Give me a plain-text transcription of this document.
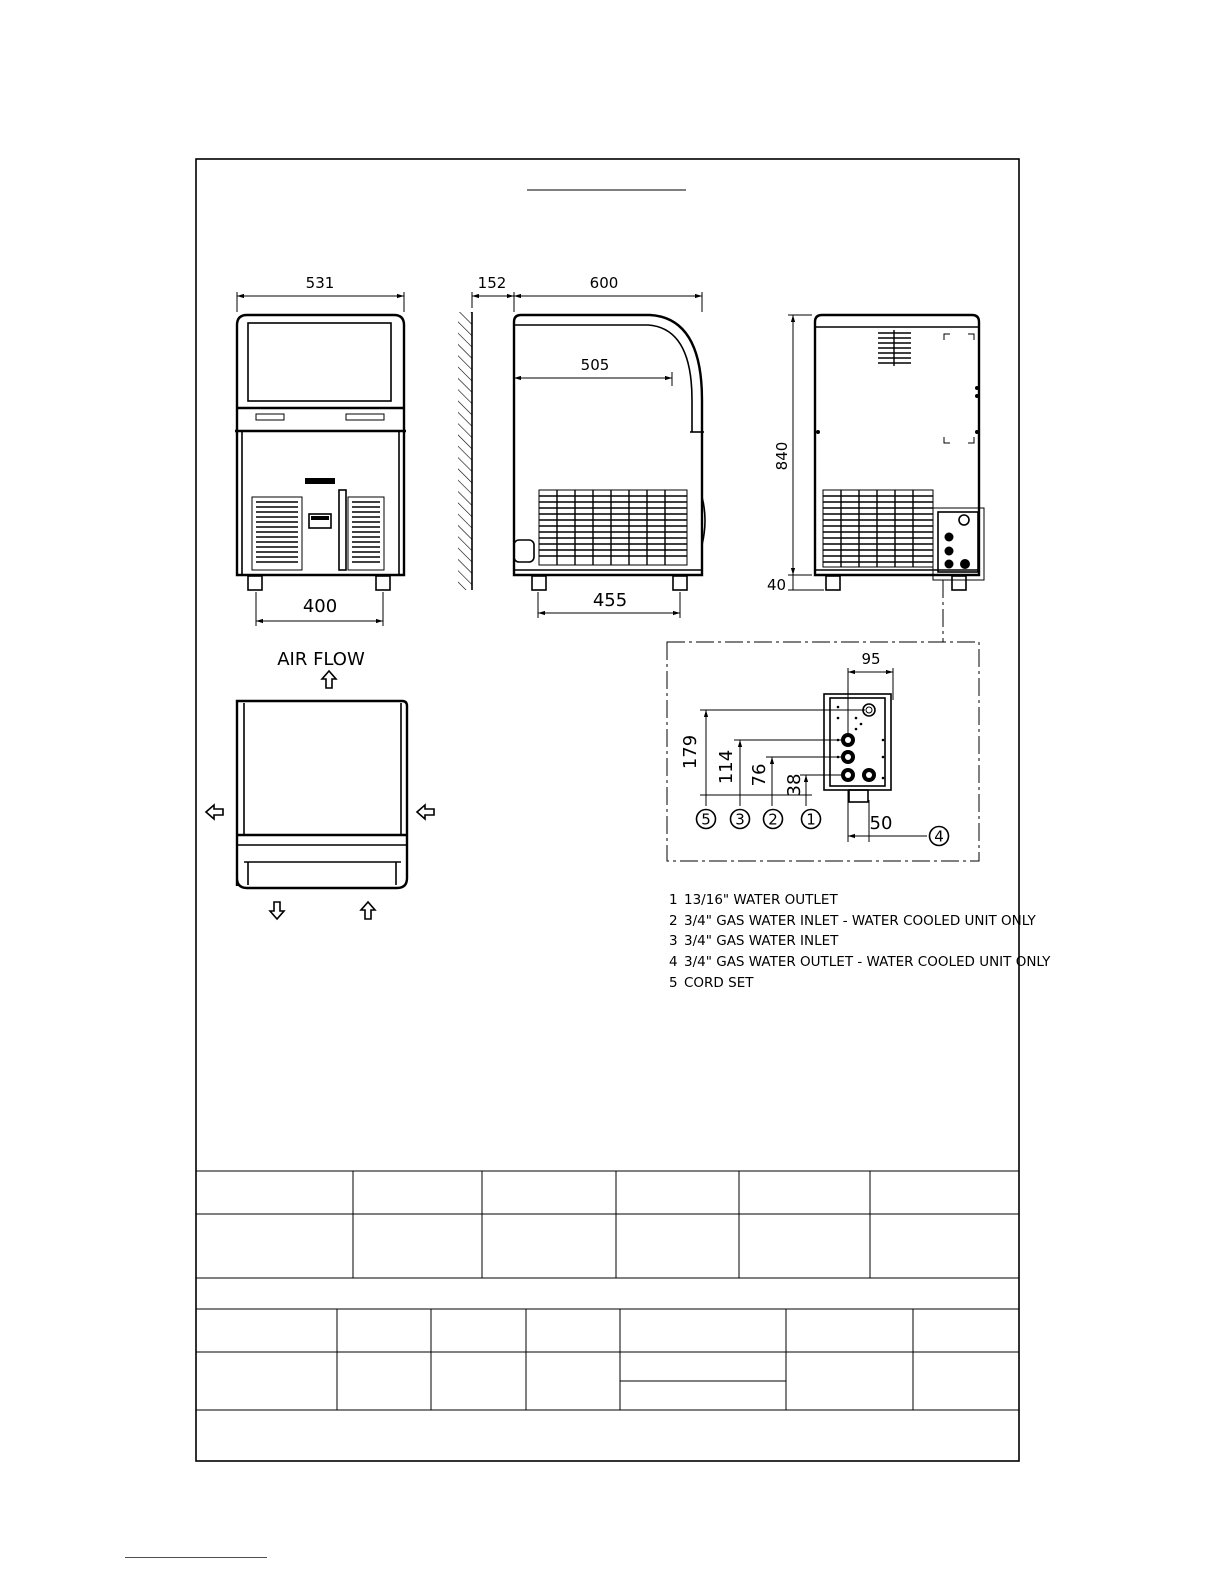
531
400
152	600
505
455
840
40
AIR FLOW	95
179 114 76 38
5 3 2 1	50
4
1 13/16" WATER OUTLET
2 3/4" GAS WATER INLET - WATER COOLED UNIT ONLY
3 3/4" GAS WATER INLET
4 3/4" GAS WATER OUTLET - WATER COOLED UNIT ONLY
5 CORD SET
